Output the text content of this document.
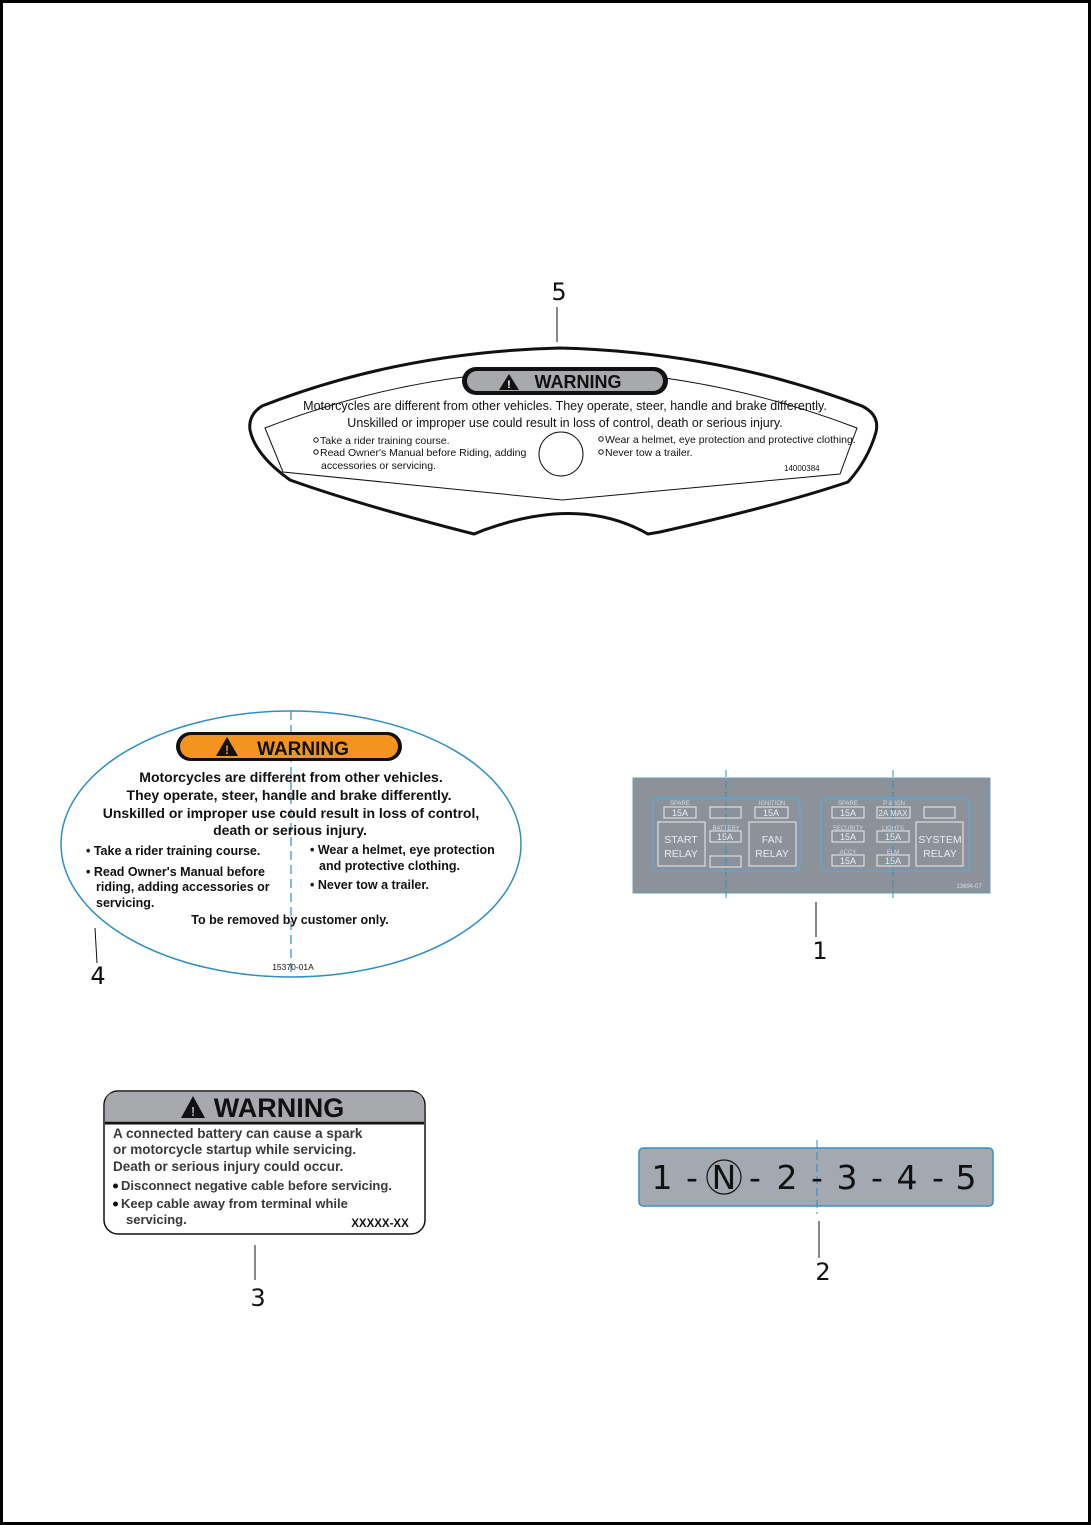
! WARNING
Motorcycles are different from other vehicles. They operate, steer, handle and brake differently.
Unskilled or improper use could result in loss of control, death or serious injury.
Take a rider training course.
Read Owner's Manual before Riding, adding
accessories or servicing.
Wear a helmet, eye protection and protective clothing.
Never tow a trailer.
14000384
5
! WARNING
Motorcycles are different from other vehicles.
They operate, steer, handle and brake differently.
Unskilled or improper use could result in loss of control,
death or serious injury.
• Take a rider training course.
• Read Owner's Manual before
riding, adding accessories or
servicing.
• Wear a helmet, eye protection
and protective clothing.
• Never tow a trailer.
To be removed by customer only.
15370-01A
4
SPARE
15A
IGNITION
15A
START
RELAY
BATTERY
15A	FAN
RELAY
SPARE
15A
P & IGN
2A MAX
SECURITY
15A
LIGHTS
15A
ACCY
15A
ELM
15A
SYSTEM
RELAY
13694-07
1
! WARNING
A connected battery can cause a spark
or motorcycle startup while servicing.
Death or serious injury could occur.
Disconnect negative cable before servicing.
Keep cable away from terminal while
servicing.	XXXXX-XX
3
1 - N - 2 - 3 - 4 - 5
2
